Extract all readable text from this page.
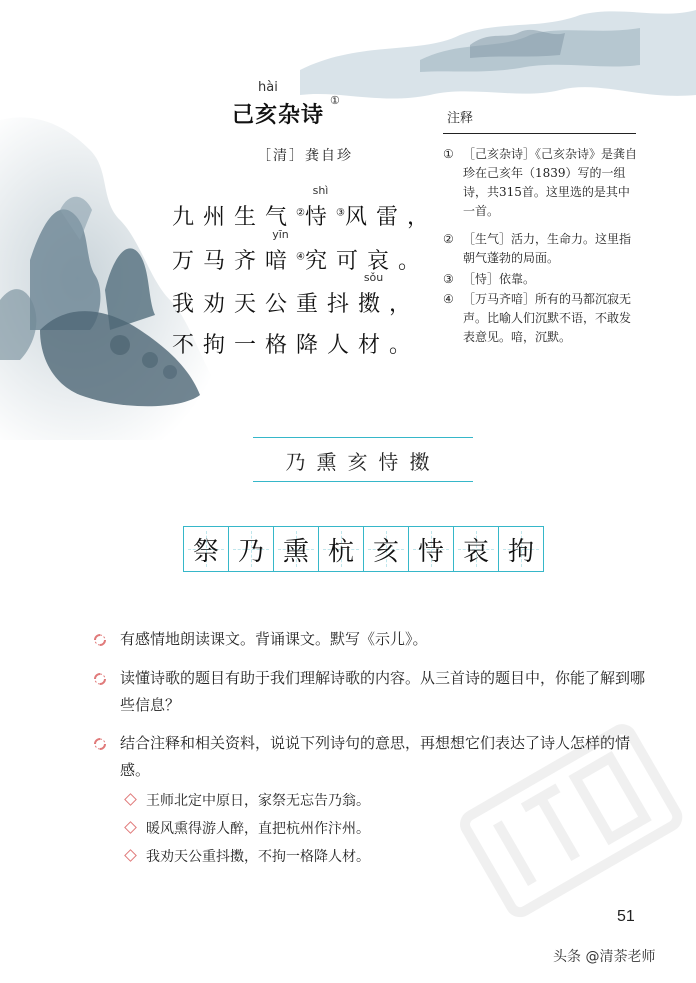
hài
己亥杂诗
①
［清］龚自珍
九州生气②
shì
恃③风雷，
万马齐
yīn
喑④究可哀。
我劝天公重抖
sǒu
擞，
不拘一格降人材。
注释
① ［己亥杂诗］《己亥杂诗》是龚自珍在己亥年（1839）写的一组诗，共315首。这里选的是其中一首。
② ［生气］活力，生命力。这里指朝气蓬勃的局面。
③ ［恃］依靠。
④ ［万马齐喑］所有的马都沉寂无声。比喻人们沉默不语，不敢发表意见。喑，沉默。
乃熏亥恃擞
祭 乃 熏 杭 亥 恃 哀 拘
有感情地朗读课文。背诵课文。默写《示儿》。
读懂诗歌的题目有助于我们理解诗歌的内容。从三首诗的题目中，你能了解到哪些信息？
结合注释和相关资料，说说下列诗句的意思，再想想它们表达了诗人怎样的情感。
王师北定中原日，家祭无忘告乃翁。
暖风熏得游人醉，直把杭州作汴州。
我劝天公重抖擞，不拘一格降人材。
51
头条 @清荼老师
